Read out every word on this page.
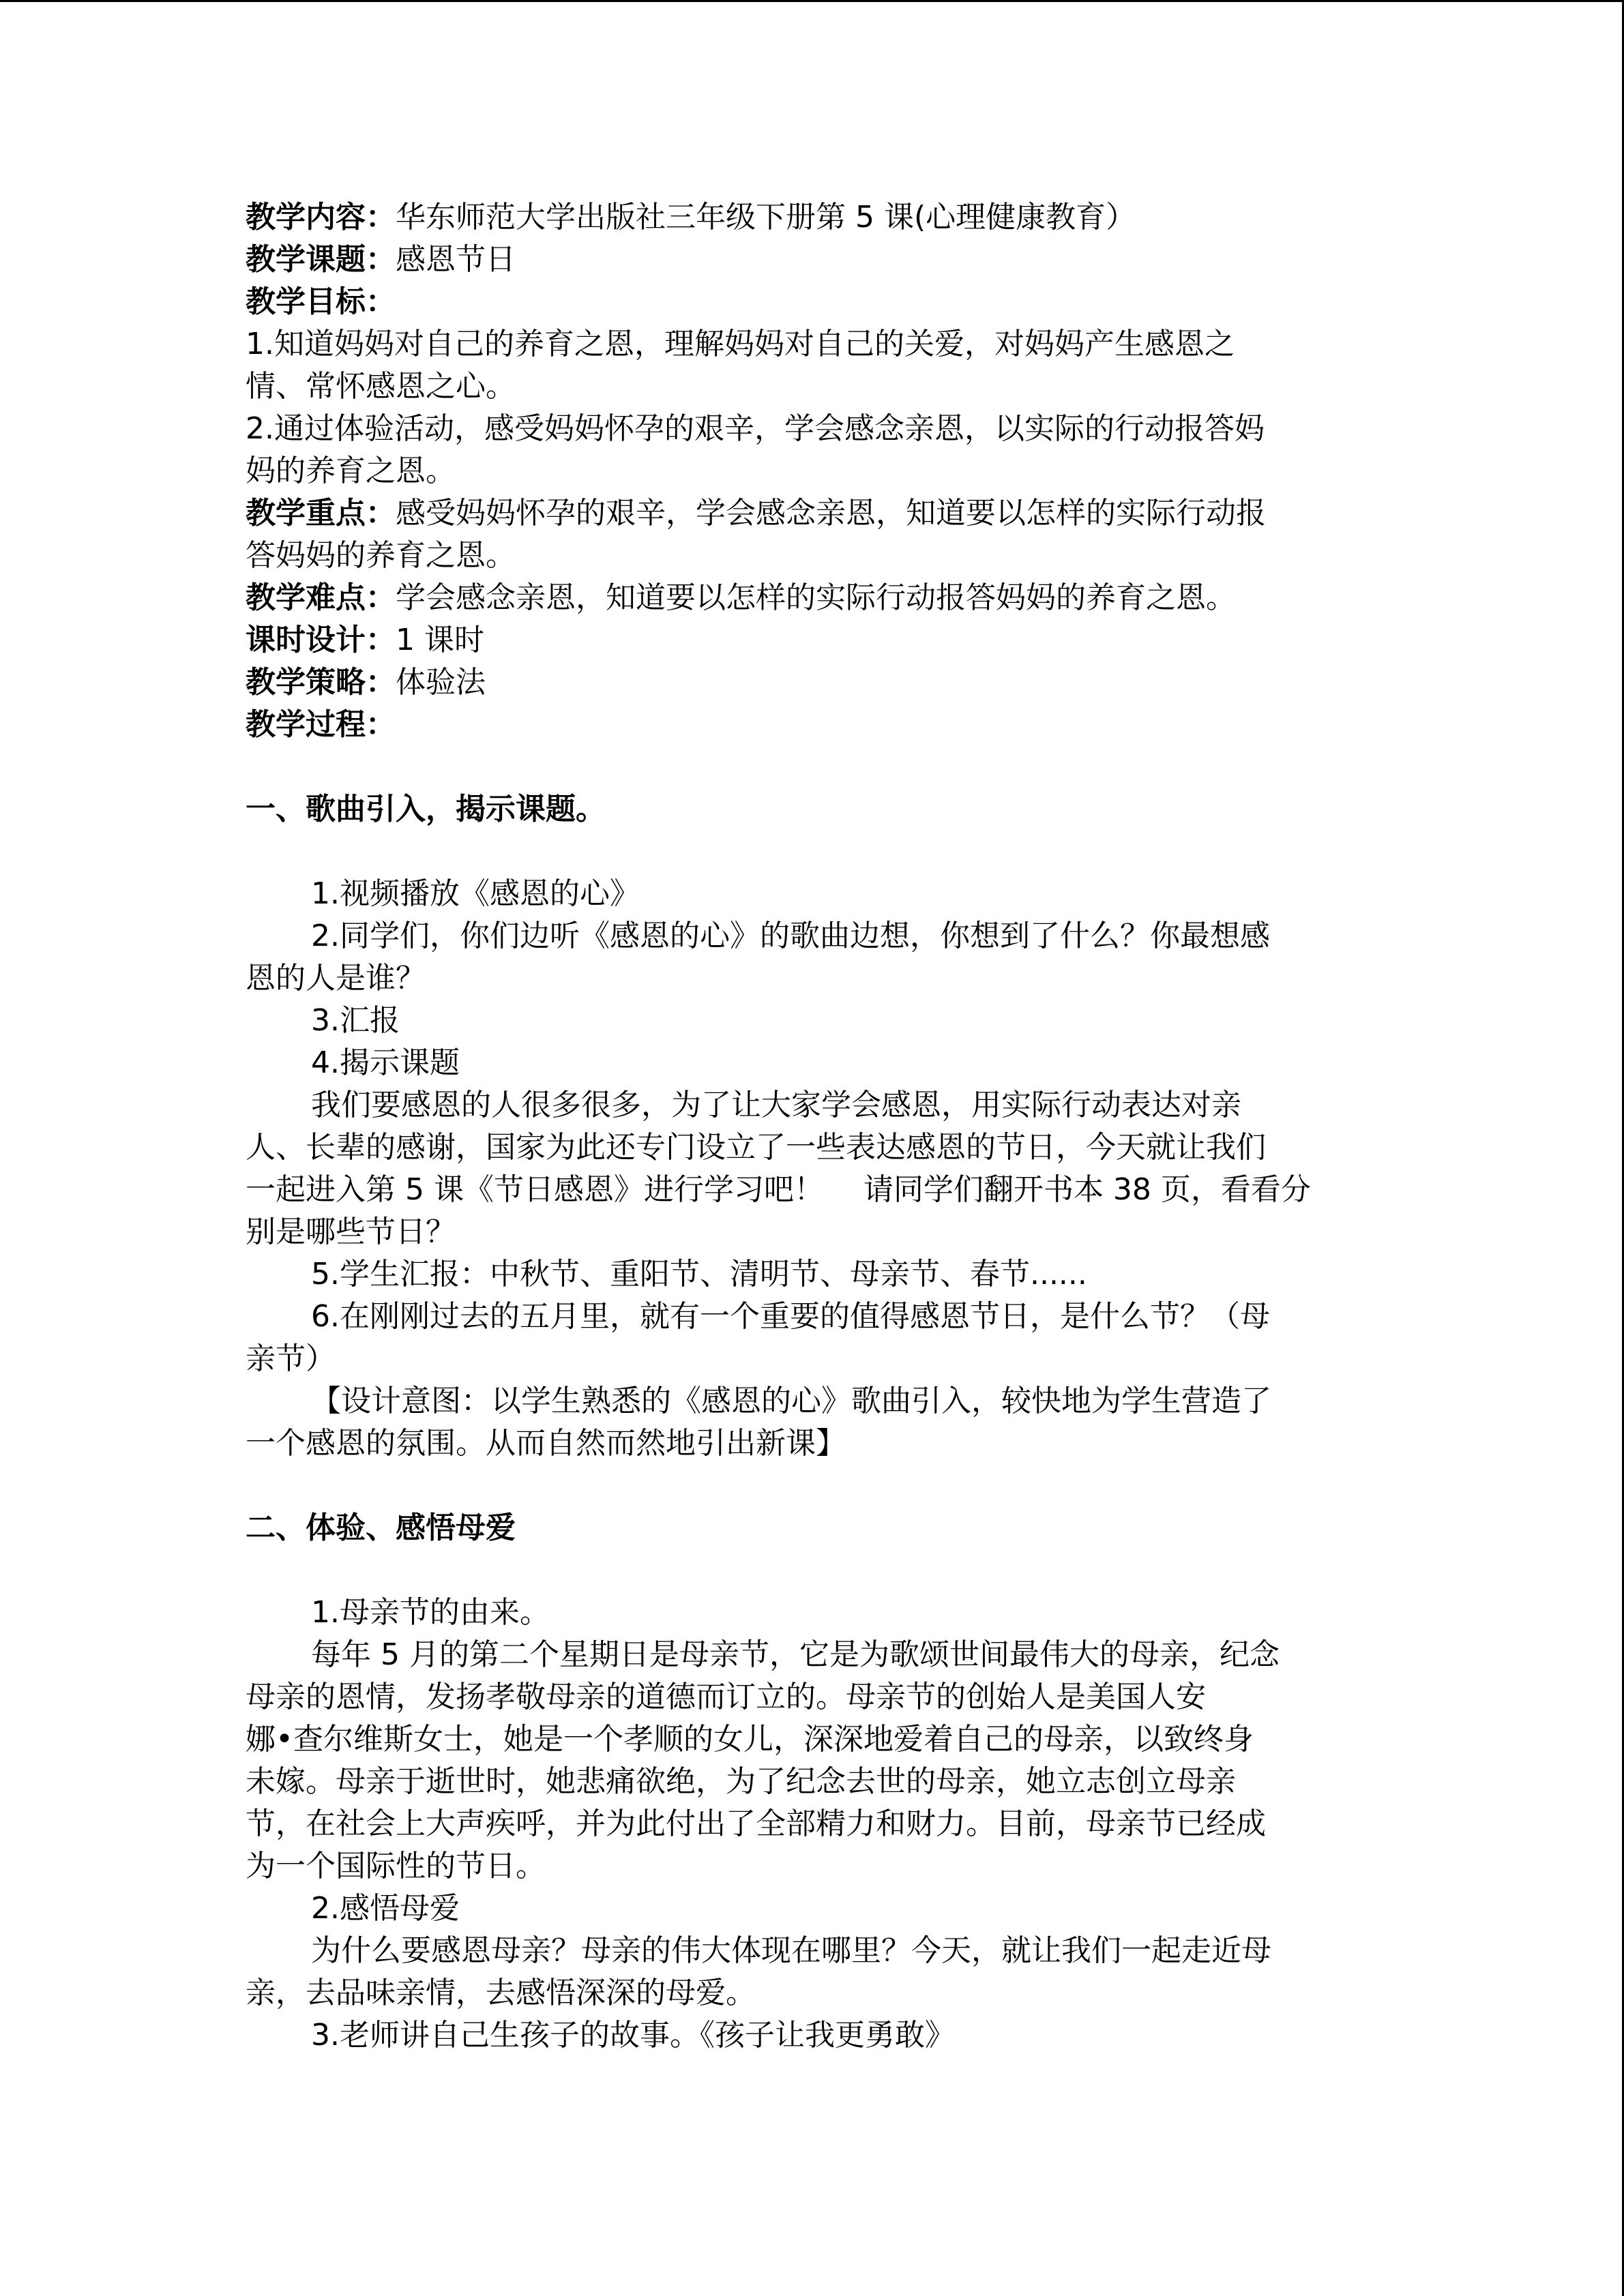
教学内容：华东师范大学出版社三年级下册第 5 课(心理健康教育）
教学课题：感恩节日
教学目标：
1.知道妈妈对自己的养育之恩，理解妈妈对自己的关爱，对妈妈产生感恩之
情、常怀感恩之心。
2.通过体验活动，感受妈妈怀孕的艰辛，学会感念亲恩，以实际的行动报答妈
妈的养育之恩。
教学重点：感受妈妈怀孕的艰辛，学会感念亲恩，知道要以怎样的实际行动报
答妈妈的养育之恩。
教学难点：学会感念亲恩，知道要以怎样的实际行动报答妈妈的养育之恩。
课时设计：1 课时
教学策略：体验法
教学过程：
一、歌曲引入，揭示课题。
1.视频播放《感恩的心》
2.同学们，你们边听《感恩的心》的歌曲边想，你想到了什么？你最想感
恩的人是谁？
3.汇报
4.揭示课题
我们要感恩的人很多很多，为了让大家学会感恩，用实际行动表达对亲
人、长辈的感谢，国家为此还专门设立了一些表达感恩的节日，今天就让我们
一起进入第 5 课《节日感恩》进行学习吧！　 请同学们翻开书本 38 页，看看分
别是哪些节日？
5.学生汇报：中秋节、重阳节、清明节、母亲节、春节......
6.在刚刚过去的五月里，就有一个重要的值得感恩节日，是什么节？（母
亲节）
【设计意图：以学生熟悉的《感恩的心》歌曲引入，较快地为学生营造了
一个感恩的氛围。从而自然而然地引出新课】
二、体验、感悟母爱
1.母亲节的由来。
每年 5 月的第二个星期日是母亲节，它是为歌颂世间最伟大的母亲，纪念
母亲的恩情，发扬孝敬母亲的道德而订立的。母亲节的创始人是美国人安
娜•查尔维斯女士，她是一个孝顺的女儿，深深地爱着自己的母亲，以致终身
未嫁。母亲于逝世时，她悲痛欲绝，为了纪念去世的母亲，她立志创立母亲
节，在社会上大声疾呼，并为此付出了全部精力和财力。目前，母亲节已经成
为一个国际性的节日。
2.感悟母爱
为什么要感恩母亲？母亲的伟大体现在哪里？今天，就让我们一起走近母
亲，去品味亲情，去感悟深深的母爱。
3.老师讲自己生孩子的故事。《孩子让我更勇敢》
